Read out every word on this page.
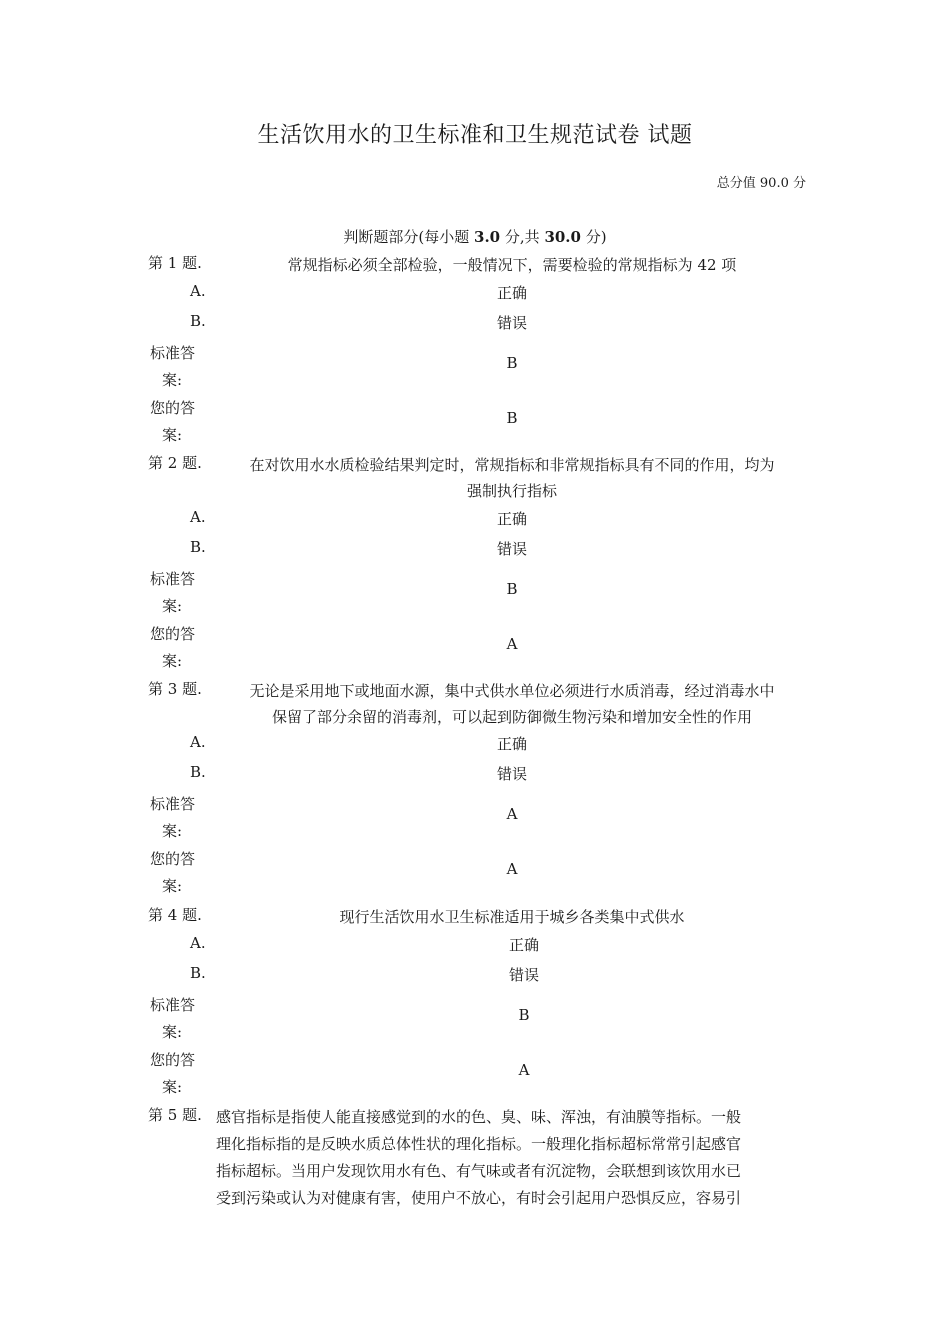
生活饮用水的卫生标准和卫生规范试卷 试题
总分值 90.0 分
判断题部分(每小题 3.0 分,共 30.0 分)
第 1 题.	常规指标必须全部检验，一般情况下，需要检验的常规指标为 42 项
A.	正确
B.	错误
标准答
案:
B
您的答
案:
B
第 2 题.	在对饮用水水质检验结果判定时，常规指标和非常规指标具有不同的作用，均为
强制执行指标
A.	正确
B.	错误
标准答
案:
B
您的答
案:
A
第 3 题.	无论是采用地下或地面水源，集中式供水单位必须进行水质消毒，经过消毒水中
保留了部分余留的消毒剂，可以起到防御微生物污染和增加安全性的作用
A.	正确
B.	错误
标准答
案:
A
您的答
案:
A
第 4 题.	现行生活饮用水卫生标准适用于城乡各类集中式供水
A.	正确
B.	错误
标准答
案:
B
您的答
案:
A
第 5 题. 感官指标是指使人能直接感觉到的水的色、臭、味、浑浊，有油膜等指标。一般
理化指标指的是反映水质总体性状的理化指标。一般理化指标超标常常引起感官
指标超标。当用户发现饮用水有色、有气味或者有沉淀物，会联想到该饮用水已
受到污染或认为对健康有害，使用户不放心，有时会引起用户恐惧反应，容易引
